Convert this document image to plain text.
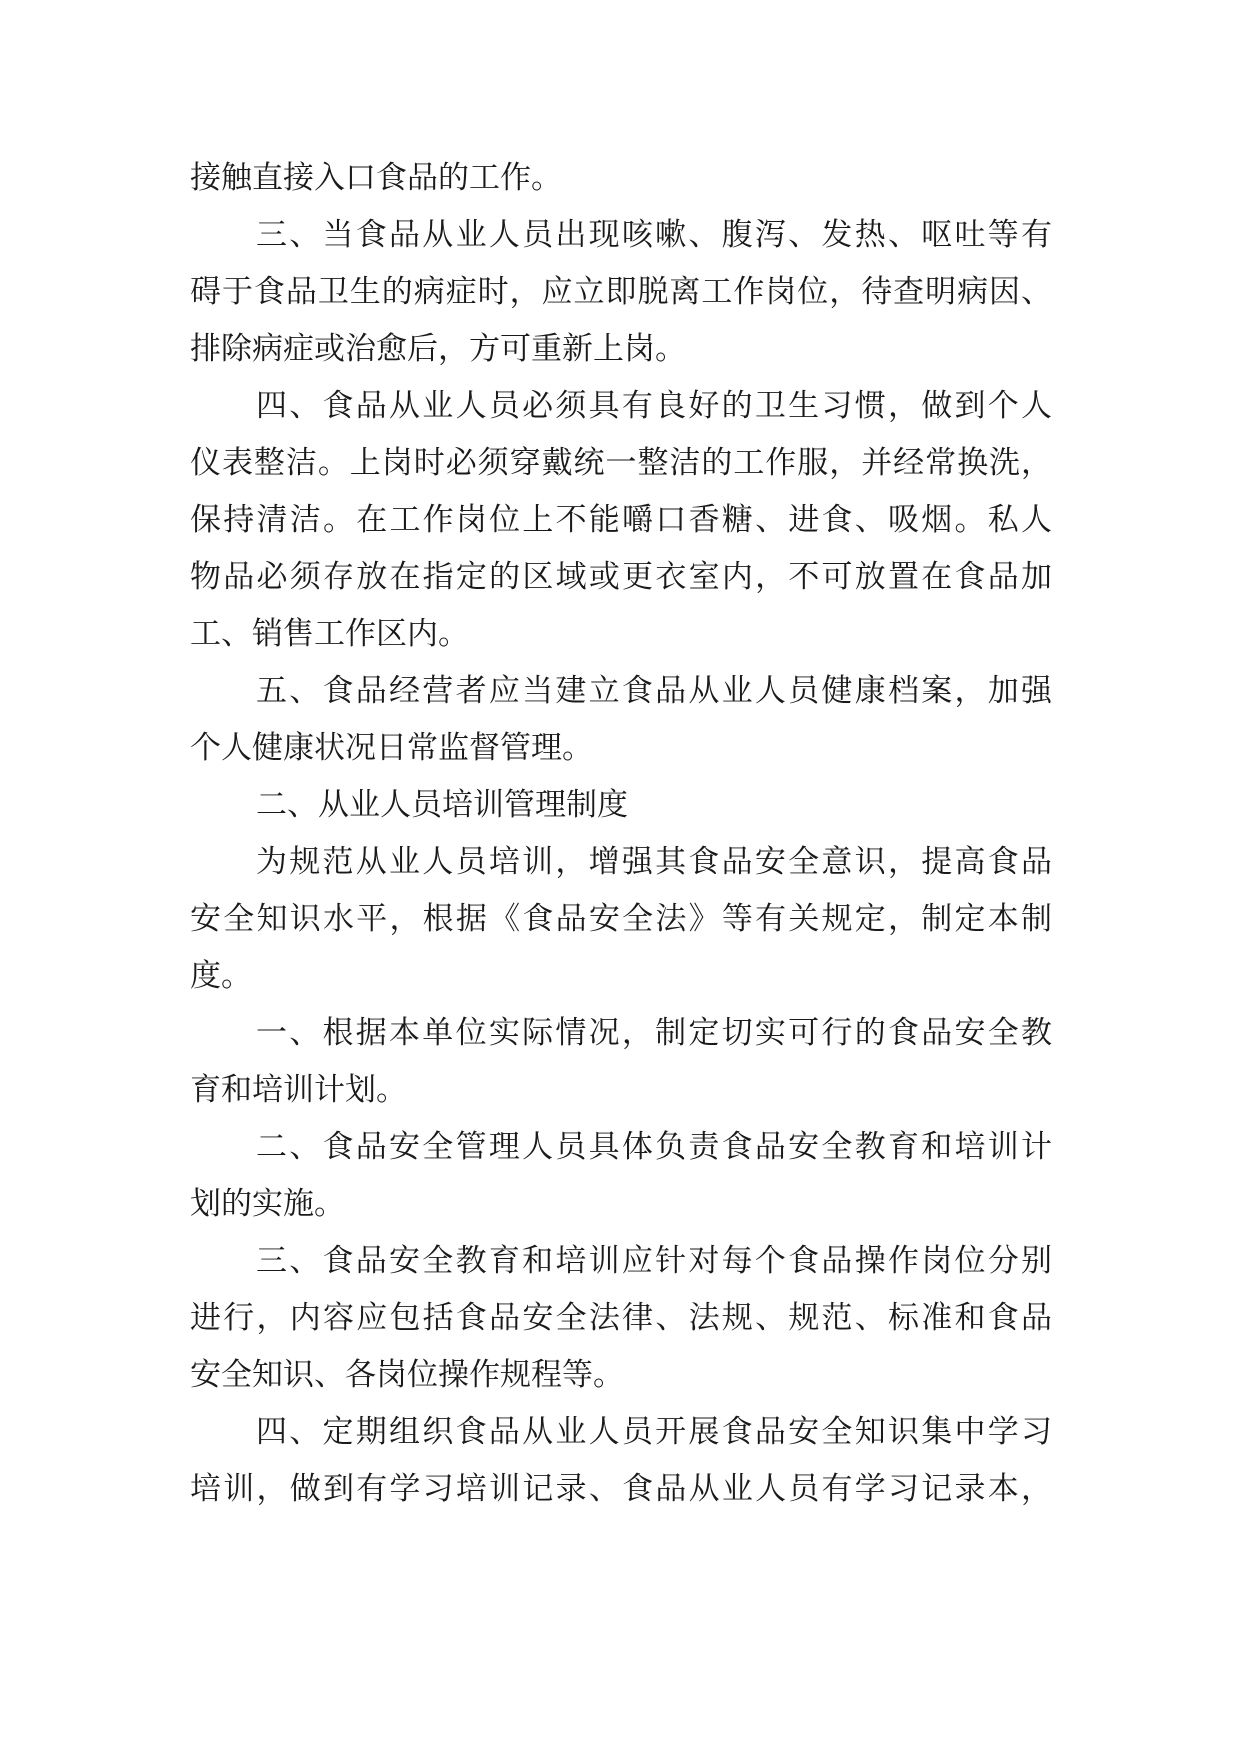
接触直接入口食品的工作。
三、当食品从业人员出现咳嗽、腹泻、发热、呕吐等有
碍于食品卫生的病症时，应立即脱离工作岗位，待查明病因、
排除病症或治愈后，方可重新上岗。
四、食品从业人员必须具有良好的卫生习惯，做到个人
仪表整洁。上岗时必须穿戴统一整洁的工作服，并经常换洗，
保持清洁。在工作岗位上不能嚼口香糖、进食、吸烟。私人
物品必须存放在指定的区域或更衣室内，不可放置在食品加
工、销售工作区内。
五、食品经营者应当建立食品从业人员健康档案，加强
个人健康状况日常监督管理。
二、从业人员培训管理制度
为规范从业人员培训，增强其食品安全意识，提高食品
安全知识水平，根据《食品安全法》等有关规定，制定本制
度。
一、根据本单位实际情况，制定切实可行的食品安全教
育和培训计划。
二、食品安全管理人员具体负责食品安全教育和培训计
划的实施。
三、食品安全教育和培训应针对每个食品操作岗位分别
进行，内容应包括食品安全法律、法规、规范、标准和食品
安全知识、各岗位操作规程等。
四、定期组织食品从业人员开展食品安全知识集中学习
培训，做到有学习培训记录、食品从业人员有学习记录本，
